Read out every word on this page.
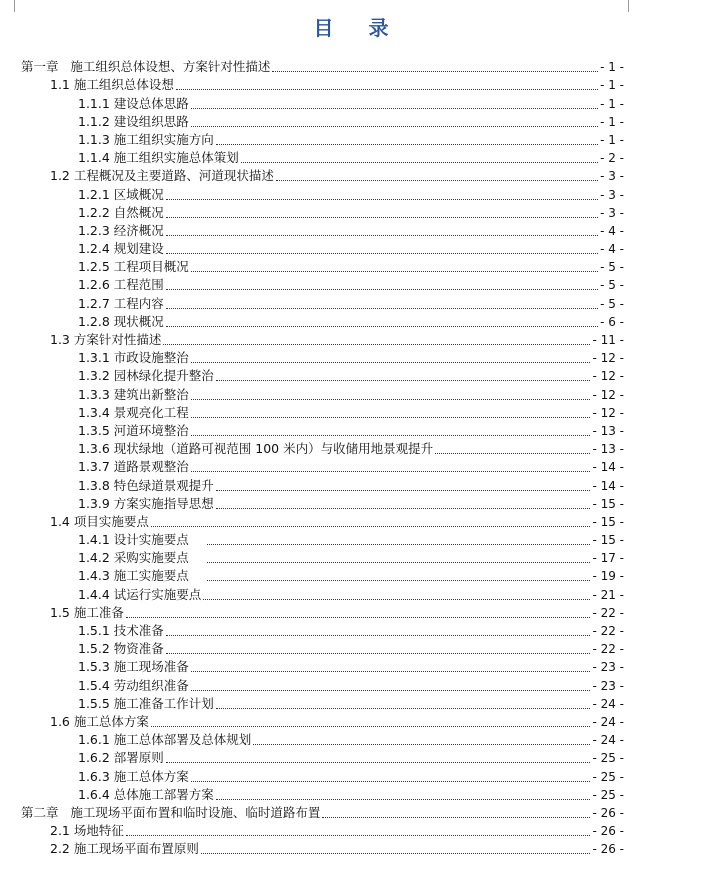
目 录
第一章   施工组织总体设想、方案针对性描述	- 1 -
1.1 施工组织总体设想	- 1 -
1.1.1 建设总体思路	- 1 -
1.1.2 建设组织思路	- 1 -
1.1.3 施工组织实施方向	- 1 -
1.1.4 施工组织实施总体策划	- 2 -
1.2 工程概况及主要道路、河道现状描述	- 3 -
1.2.1 区域概况	- 3 -
1.2.2 自然概况	- 3 -
1.2.3 经济概况	- 4 -
1.2.4 规划建设	- 4 -
1.2.5 工程项目概况	- 5 -
1.2.6 工程范围	- 5 -
1.2.7 工程内容	- 5 -
1.2.8 现状概况	- 6 -
1.3 方案针对性描述	- 11 -
1.3.1 市政设施整治	- 12 -
1.3.2 园林绿化提升整治	- 12 -
1.3.3 建筑出新整治	- 12 -
1.3.4 景观亮化工程	- 12 -
1.3.5 河道环境整治	- 13 -
1.3.6 现状绿地（道路可视范围 100 米内）与收储用地景观提升	- 13 -
1.3.7 道路景观整治	- 14 -
1.3.8 特色绿道景观提升	- 14 -
1.3.9 方案实施指导思想	- 15 -
1.4 项目实施要点	- 15 -
1.4.1 设计实施要点	- 15 -
1.4.2 采购实施要点	- 17 -
1.4.3 施工实施要点	- 19 -
1.4.4 试运行实施要点	- 21 -
1.5 施工准备	- 22 -
1.5.1 技术准备	- 22 -
1.5.2 物资准备	- 22 -
1.5.3 施工现场准备	- 23 -
1.5.4 劳动组织准备	- 23 -
1.5.5 施工准备工作计划	- 24 -
1.6 施工总体方案	- 24 -
1.6.1 施工总体部署及总体规划	- 24 -
1.6.2 部署原则	- 25 -
1.6.3 施工总体方案	- 25 -
1.6.4 总体施工部署方案	- 25 -
第二章   施工现场平面布置和临时设施、临时道路布置	- 26 -
2.1 场地特征	- 26 -
2.2 施工现场平面布置原则	- 26 -
